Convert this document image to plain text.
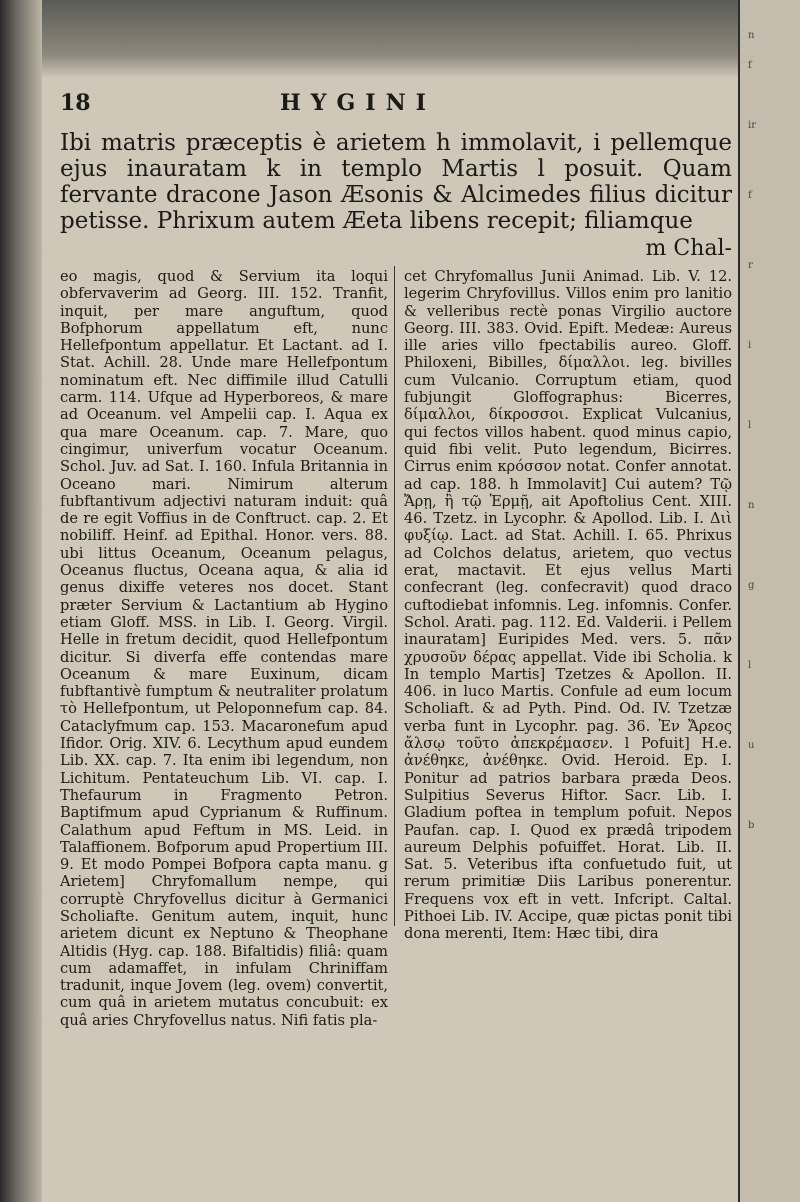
n
f
ir
f
r
i
l
n
g
l
u
b
18	HYGINI

Ibi matris præceptis è arietem h immolavit, i pellemque ejus inauratam k in templo Martis l posuit. Quam fervante dracone Jason Æsonis & Alcimedes filius dicitur petisse. Phrixum autem Æeta libens recepit; filiamque

m Chal-

eo magis, quod & Servium ita loqui obfervaverim ad Georg. III. 152. Tranfit, inquit, per mare anguftum, quod Bofphorum appellatum eft, nunc Hellefpontum appellatur. Et Lactant. ad I. Stat. Achill. 28. Unde mare Hellefpontum nominatum eft. Nec diffimile illud Catulli carm. 114. Ufque ad Hyperboreos, & mare ad Oceanum. vel Ampelii cap. I. Aqua ex qua mare Oceanum. cap. 7. Mare, quo cingimur, univerfum vocatur Oceanum. Schol. Juv. ad Sat. I. 160. Infula Britannia in Oceano mari. Nimirum alterum fubftantivum adjectivi naturam induit: quâ de re egit Voffius in de Conftruct. cap. 2. Et nobiliff. Heinf. ad Epithal. Honor. vers. 88. ubi littus Oceanum, Oceanum pelagus, Oceanus fluctus, Oceana aqua, & alia id genus dixiffe veteres nos docet. Stant præter Servium & Lactantium ab Hygino etiam Gloff. MSS. in Lib. I. Georg. Virgil. Helle in fretum decidit, quod Hellefpontum dicitur. Si diverfa effe contendas mare Oceanum & mare Euxinum, dicam fubftantivè fumptum & neutraliter prolatum τὸ Hellefpontum, ut Peloponnefum cap. 84. Cataclyfmum cap. 153. Macaronefum apud Ifidor. Orig. XIV. 6. Lecythum apud eundem Lib. XX. cap. 7. Ita enim ibi legendum, non Lichitum. Pentateuchum Lib. VI. cap. I. Thefaurum in Fragmento Petron. Baptifmum apud Cyprianum & Ruffinum. Calathum apud Feftum in MS. Leid. in Talaffionem. Bofporum apud Propertium III. 9. Et modo Pompei Bofpora capta manu. g Arietem] Chryfomallum nempe, qui corruptè Chryfovellus dicitur à Germanici Scholiafte. Genitum autem, inquit, hunc arietem dicunt ex Neptuno & Theophane Altidis (Hyg. cap. 188. Bifaltidis) filiâ: quam cum adamaffet, in infulam Chriniffam tradunit, inque Jovem (leg. ovem) convertit, cum quâ in arietem mutatus concubuit: ex quâ aries Chryfovellus natus. Nifi fatis pla-

cet Chryfomallus Junii Animad. Lib. V. 12. legerim Chryfovillus. Villos enim pro lanitio & velleribus rectè ponas Virgilio auctore Georg. III. 383. Ovid. Epift. Medeæ: Aureus ille aries villo fpectabilis aureo. Gloff. Philoxeni, Bibilles, δίμαλλοι. leg. bivilles cum Vulcanio. Corruptum etiam, quod fubjungit Gloffographus: Bicerres, δίμαλλοι, δίκροσσοι. Explicat Vulcanius, qui fectos villos habent. quod minus capio, quid fibi velit. Puto legendum, Bicirres. Cirrus enim κρόσσον notat. Confer annotat. ad cap. 188. h Immolavit] Cui autem? Τῷ Ἄρῃ, ἢ τῷ Ἑρμῇ, ait Apoftolius Cent. XIII. 46. Tzetz. in Lycophr. & Apollod. Lib. I. Διὶ φυξίῳ. Lact. ad Stat. Achill. I. 65. Phrixus ad Colchos delatus, arietem, quo vectus erat, mactavit. Et ejus vellus Marti confecrant (leg. confecravit) quod draco cuftodiebat infomnis. Leg. infomnis. Confer. Schol. Arati. pag. 112. Ed. Valderii. i Pellem inauratam] Euripides Med. vers. 5. πᾶν χρυσοῦν δέρας appellat. Vide ibi Scholia. k In templo Martis] Tzetzes & Apollon. II. 406. in luco Martis. Confule ad eum locum Scholiaft. & ad Pyth. Pind. Od. IV. Tzetzæ verba funt in Lycophr. pag. 36. Ἐν Ἄρεος ἄλσῳ τοῦτο ἀπεκρέμασεν. l Pofuit] H.e. ἀνέθηκε, ἀνέθηκε. Ovid. Heroid. Ep. I. Ponitur ad patrios barbara præda Deos. Sulpitius Severus Hiftor. Sacr. Lib. I. Gladium poftea in templum pofuit. Nepos Paufan. cap. I. Quod ex prædâ tripodem aureum Delphis pofuiffet. Horat. Lib. II. Sat. 5. Veteribus ifta confuetudo fuit, ut rerum primitiæ Diis Laribus ponerentur. Frequens vox eft in vett. Infcript. Caltal. Pithoei Lib. IV. Accipe, quæ pictas ponit tibi dona merenti, Item: Hæc tibi, dira
